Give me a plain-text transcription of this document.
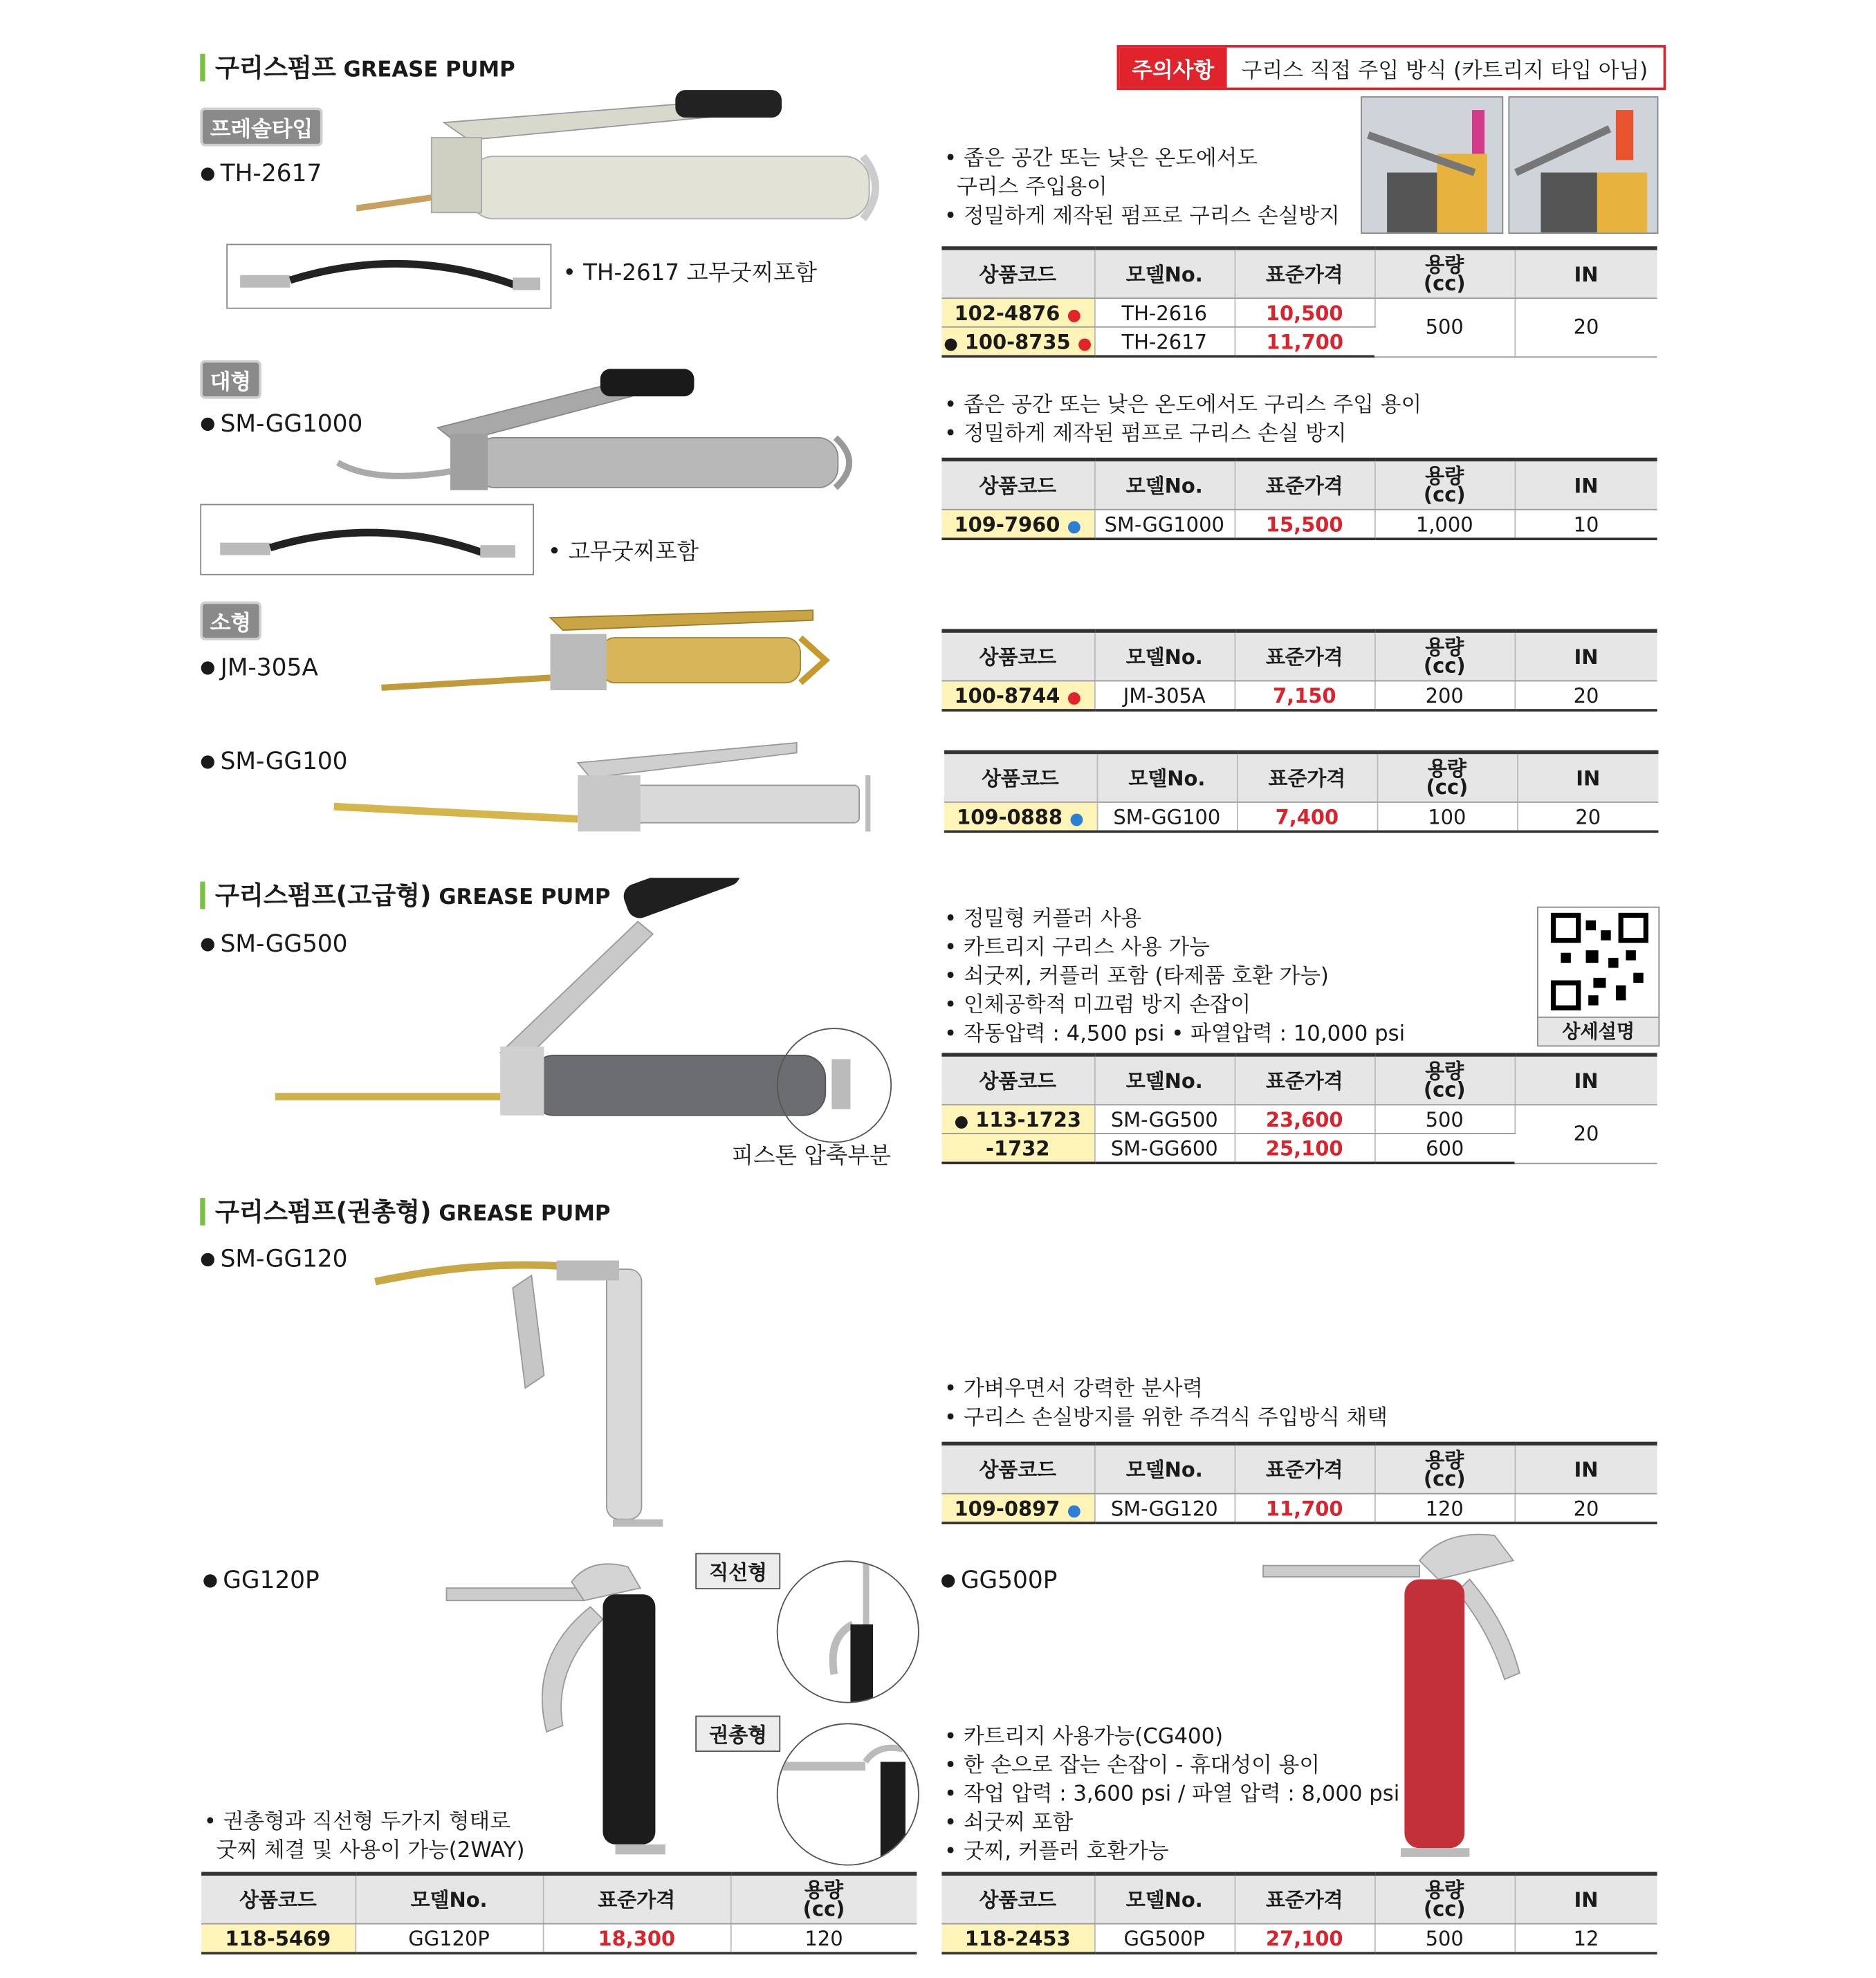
구리스펌프 GREASE PUMP	주의사항	구리스 직접 주입 방식 (카트리지 타입 아님)
프레솔타입
● TH-2617
• TH-2617 고무굿찌포함
• 좁은 공간 또는 낮은 온도에서도
구리스 주입용이
• 정밀하게 제작된 펌프로 구리스 손실방지
상품코드	모델No.	표준가격	용량
(cc)	IN
102-4876 ●	TH-2616	10,500	500	20
● 100-8735 ●	TH-2617	11,700		
대형
● SM-GG1000
• 고무굿찌포함
• 좁은 공간 또는 낮은 온도에서도 구리스 주입 용이
• 정밀하게 제작된 펌프로 구리스 손실 방지
상품코드	모델No.	표준가격	용량
(cc)	IN
109-7960 ●	SM-GG1000	15,500	1,000	10
소형
● JM-305A	상품코드	모델No.	표준가격	용량
(cc)	IN
100-8744 ●	JM-305A	7,150	200	20
● SM-GG100
상품코드	모델No.	표준가격	용량
(cc)	IN
109-0888 ●	SM-GG100	7,400	100	20
구리스펌프(고급형) GREASE PUMP
● SM-GG500
피스톤 압축부분
• 정밀형 커플러 사용
• 카트리지 구리스 사용 가능
• 쇠굿찌, 커플러 포함 (타제품 호환 가능)
• 인체공학적 미끄럼 방지 손잡이
• 작동압력 : 4,500 psi • 파열압력 : 10,000 psi	상세설명
상품코드	모델No.	표준가격	용량
(cc)	IN
● 113-1723	SM-GG500	23,600	500	20
-1732	SM-GG600	25,100	600	
구리스펌프(권총형) GREASE PUMP
● SM-GG120
• 가벼우면서 강력한 분사력
• 구리스 손실방지를 위한 주걱식 주입방식 채택
상품코드	모델No.	표준가격	용량
(cc)	IN
109-0897 ●	SM-GG120	11,700	120	20
● GG120P	직선형
권총형
• 권총형과 직선형 두가지 형태로
굿찌 체결 및 사용이 가능(2WAY)
상품코드	모델No.	표준가격	용량
(cc)
118-5469	GG120P	18,300	120
● GG500P
• 카트리지 사용가능(CG400)
• 한 손으로 잡는 손잡이 - 휴대성이 용이
• 작업 압력 : 3,600 psi / 파열 압력 : 8,000 psi
• 쇠굿찌 포함
• 굿찌, 커플러 호환가능
상품코드	모델No.	표준가격	용량
(cc)	IN
118-2453	GG500P	27,100	500	12
